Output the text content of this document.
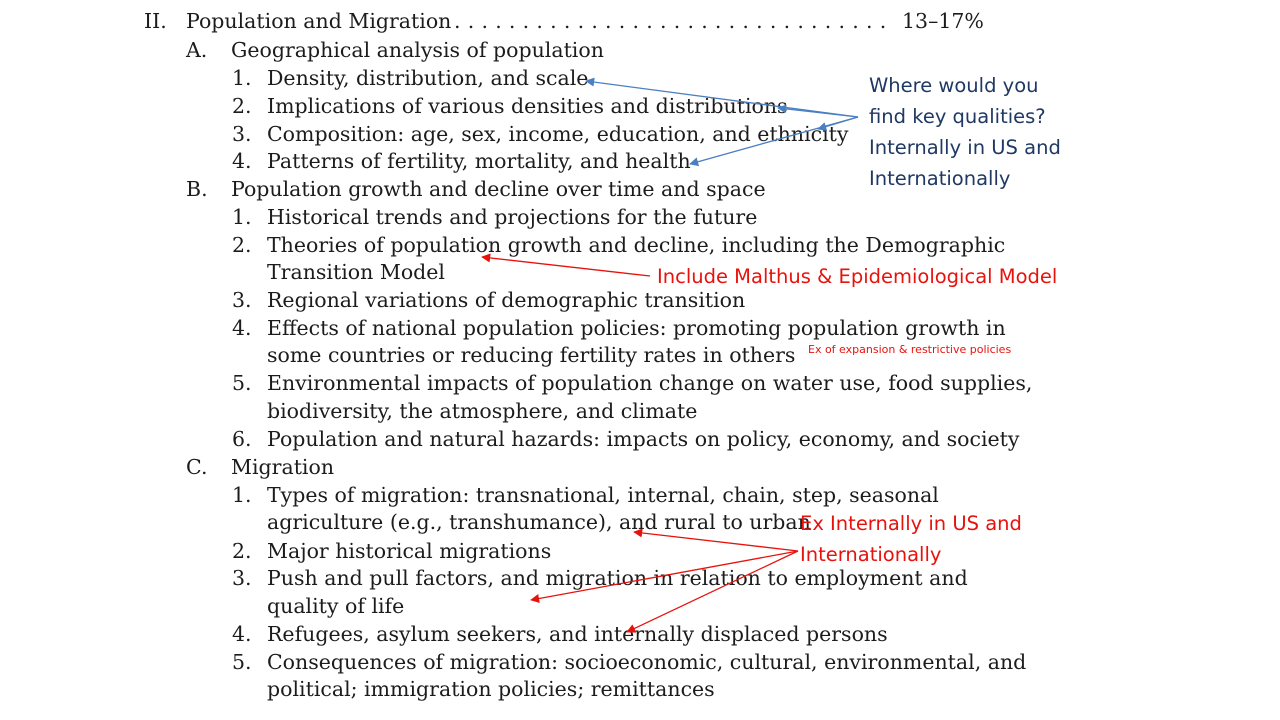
II. Population and Migration . . . . . . . . . . . . . . . . . . . . . . . . . . . . . . . . 13–17%
A. Geographical analysis of population
1. Density, distribution, and scale
2. Implications of various densities and distributions
3. Composition: age, sex, income, education, and ethnicity
4. Patterns of fertility, mortality, and health
B. Population growth and decline over time and space
1. Historical trends and projections for the future
2. Theories of population growth and decline, including the Demographic
Transition Model
3. Regional variations of demographic transition
4. Effects of national population policies: promoting population growth in
some countries or reducing fertility rates in others
5. Environmental impacts of population change on water use, food supplies,
biodiversity, the atmosphere, and climate
6. Population and natural hazards: impacts on policy, economy, and society
C. Migration
1. Types of migration: transnational, internal, chain, step, seasonal
agriculture (e.g., transhumance), and rural to urban
2. Major historical migrations
3. Push and pull factors, and migration in relation to employment and
quality of life
4. Refugees, asylum seekers, and internally displaced persons
5. Consequences of migration: socioeconomic, cultural, environmental, and
political; immigration policies; remittances
Where would you
find key qualities?
Internally in US and
Internationally
Include Malthus & Epidemiological Model
Ex of expansion & restrictive policies
Ex Internally in US and
Internationally
